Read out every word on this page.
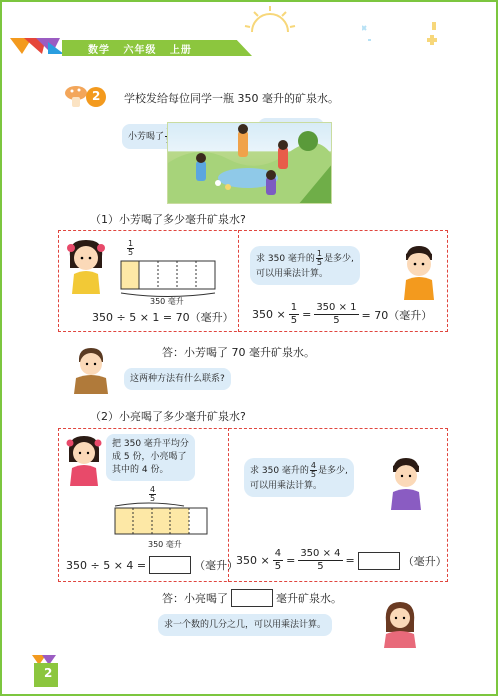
数学 六年级 上册
2 学校发给每位同学一瓶 350 毫升的矿泉水。
小芳喝了
（1）小芳喝了多少毫升矿泉水?
$\frac{1}{5}$
350 毫升
350 ÷ 5 × 1 = 70（毫升）
求 350 毫升的 $\frac{1}{5}$ 是多少,
可以用乘法计算。
$350 \times \frac{1}{5} = \frac{350 \times 1}{5} = 70$（毫升）
答：小芳喝了 70 毫升矿泉水。
这两种方法有什么联系?
（2）小亮喝了多少毫升矿泉水?
把 350 毫升平均分
成 5 份，小亮喝了
其中的 4 份。
$\frac{4}{5}$
350 毫升
350 ÷ 5 × 4 =	（毫升）
求 350 毫升的 $\frac{4}{5}$ 是多少,
可以用乘法计算。
$350 \times \frac{4}{5} = \frac{350 \times 4}{5}$ =	（毫升）
答：小亮喝了	毫升矿泉水。
求一个数的几分之几，可以用乘法计算。
2
